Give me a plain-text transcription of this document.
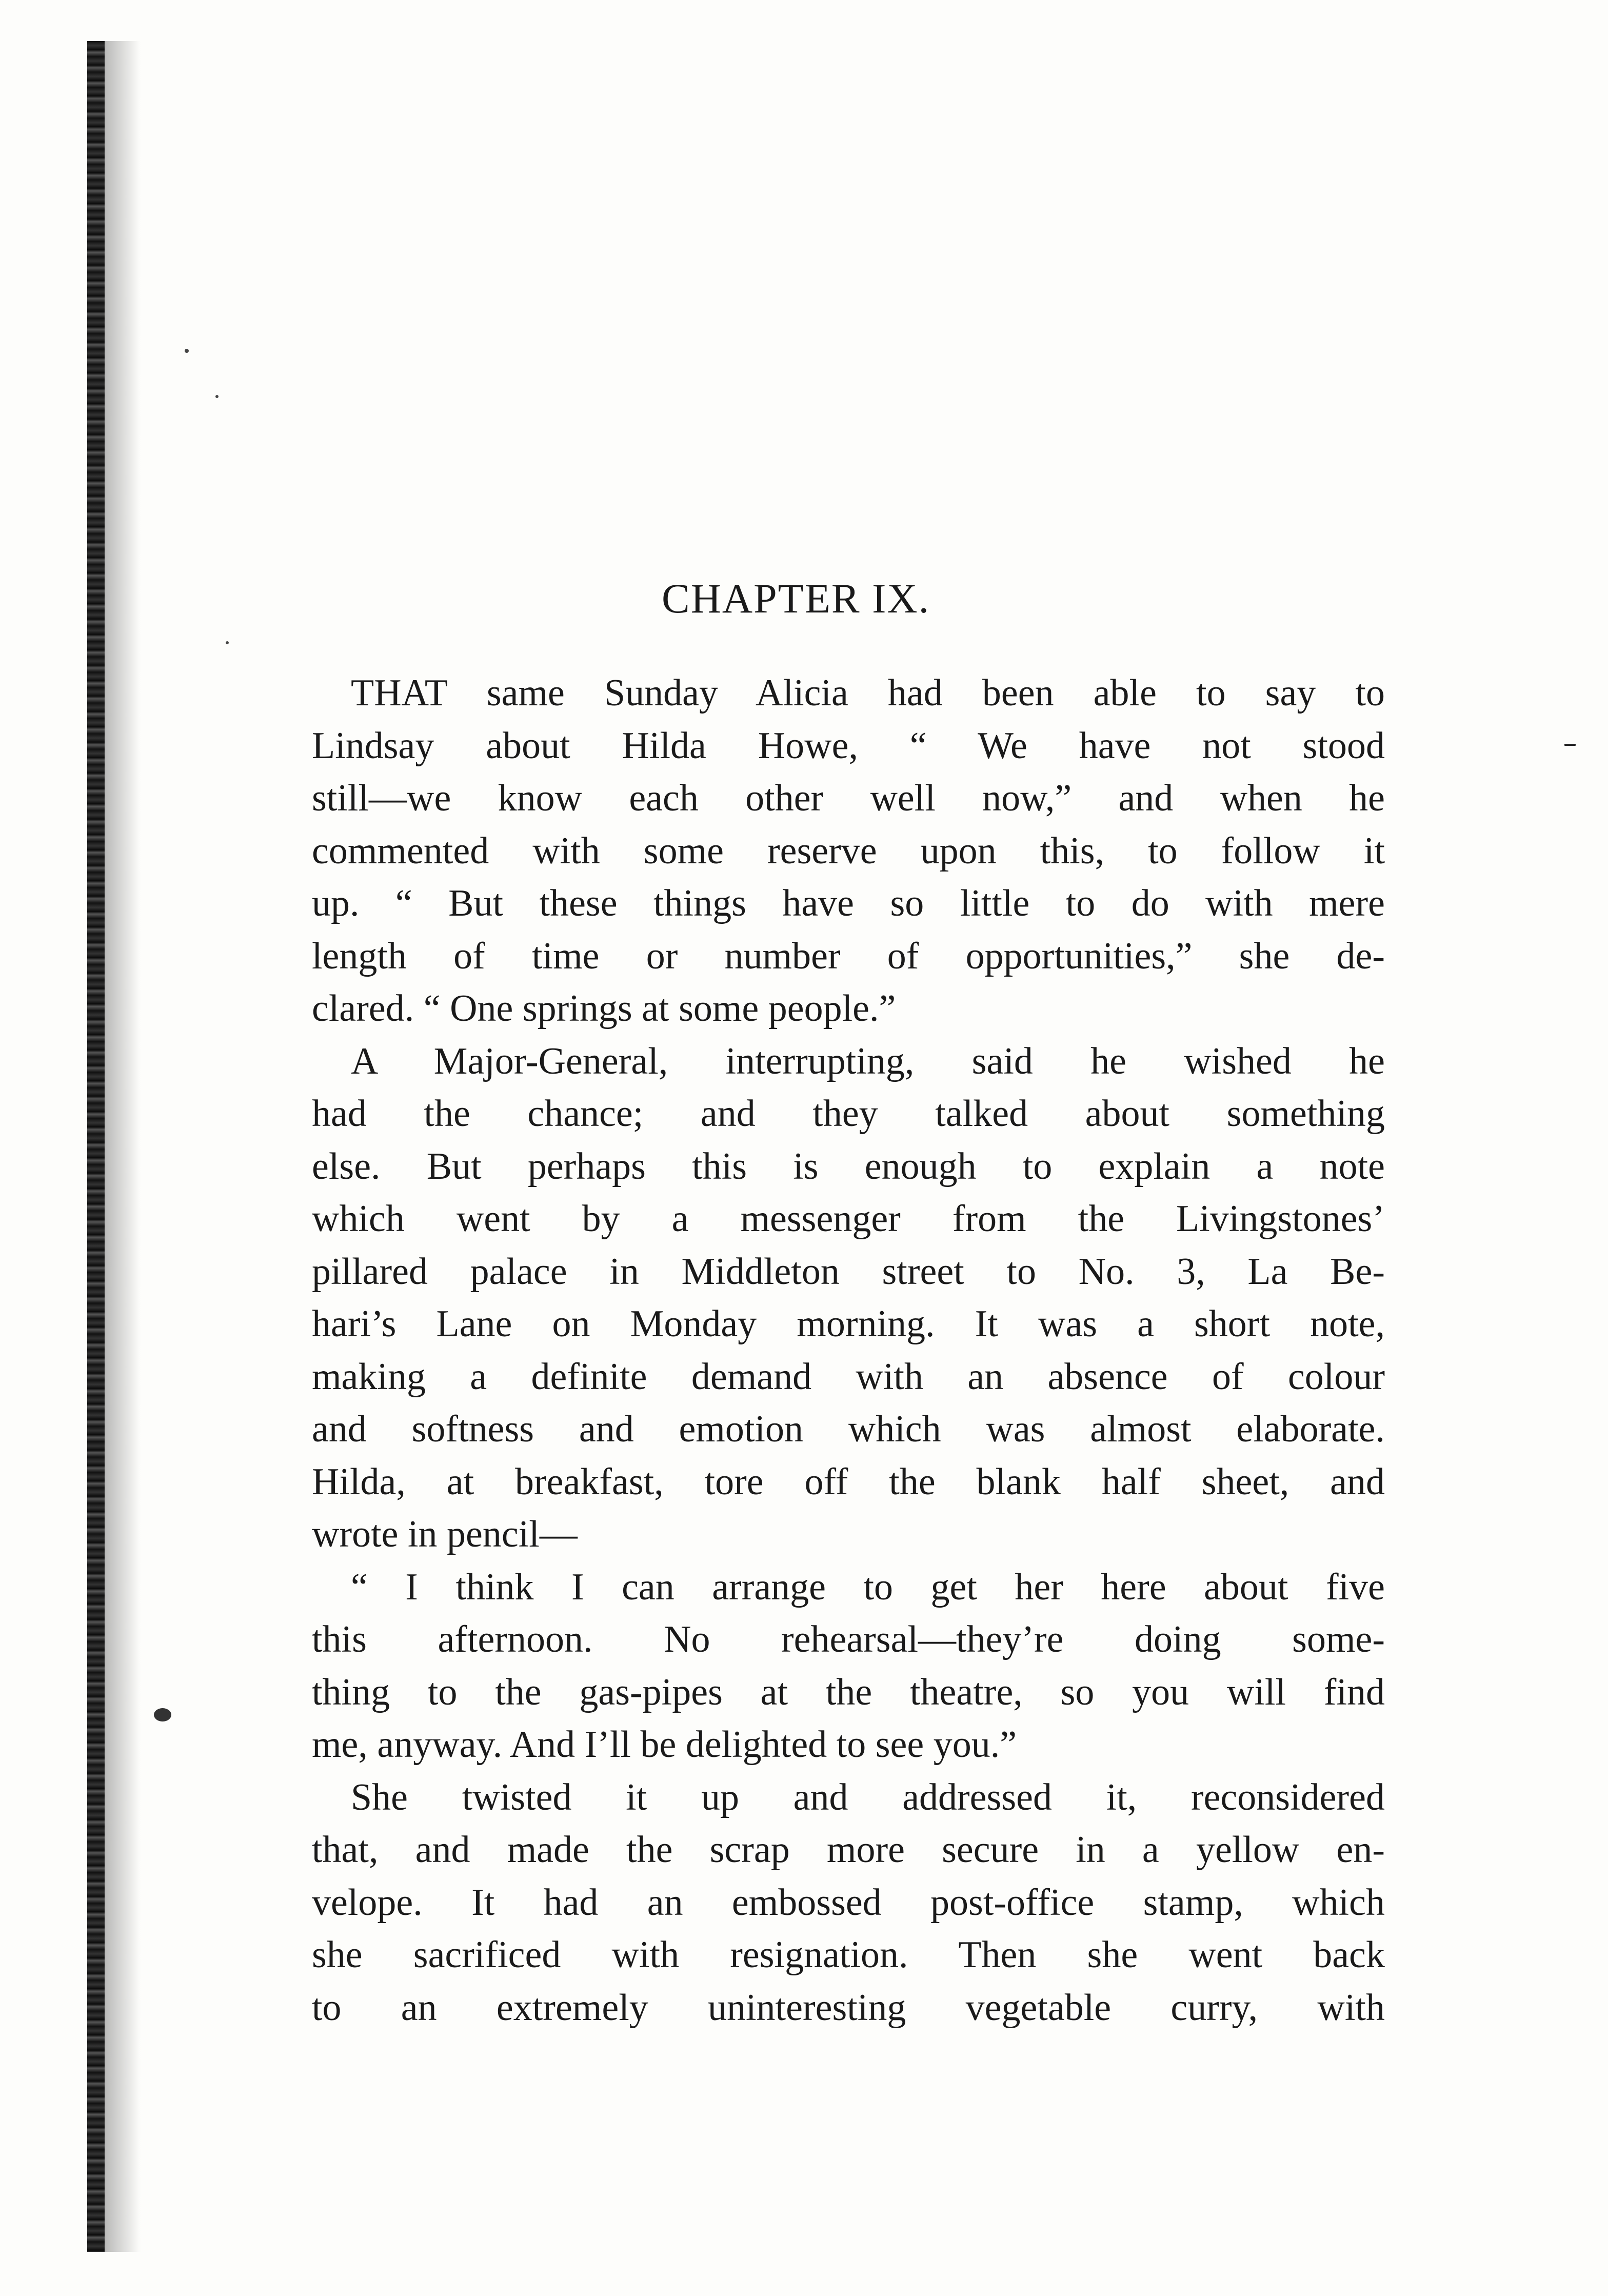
CHAPTER IX.
THAT same Sunday Alicia had been able to say to
Lindsay about Hilda Howe, “ We have not stood
still—we know each other well now,” and when he
commented with some reserve upon this, to follow it
up. “ But these things have so little to do with mere
length of time or number of opportunities,” she de-
clared. “ One springs at some people.”
A Major-General, interrupting, said he wished he
had the chance; and they talked about something
else. But perhaps this is enough to explain a note
which went by a messenger from the Livingstones’
pillared palace in Middleton street to No. 3, La Be-
hari’s Lane on Monday morning. It was a short note,
making a definite demand with an absence of colour
and softness and emotion which was almost elaborate.
Hilda, at breakfast, tore off the blank half sheet, and
wrote in pencil—
“ I think I can arrange to get her here about five
this afternoon. No rehearsal—they’re doing some-
thing to the gas-pipes at the theatre, so you will find
me, anyway. And I’ll be delighted to see you.”
She twisted it up and addressed it, reconsidered
that, and made the scrap more secure in a yellow en-
velope. It had an embossed post-office stamp, which
she sacrificed with resignation. Then she went back
to an extremely uninteresting vegetable curry, with
